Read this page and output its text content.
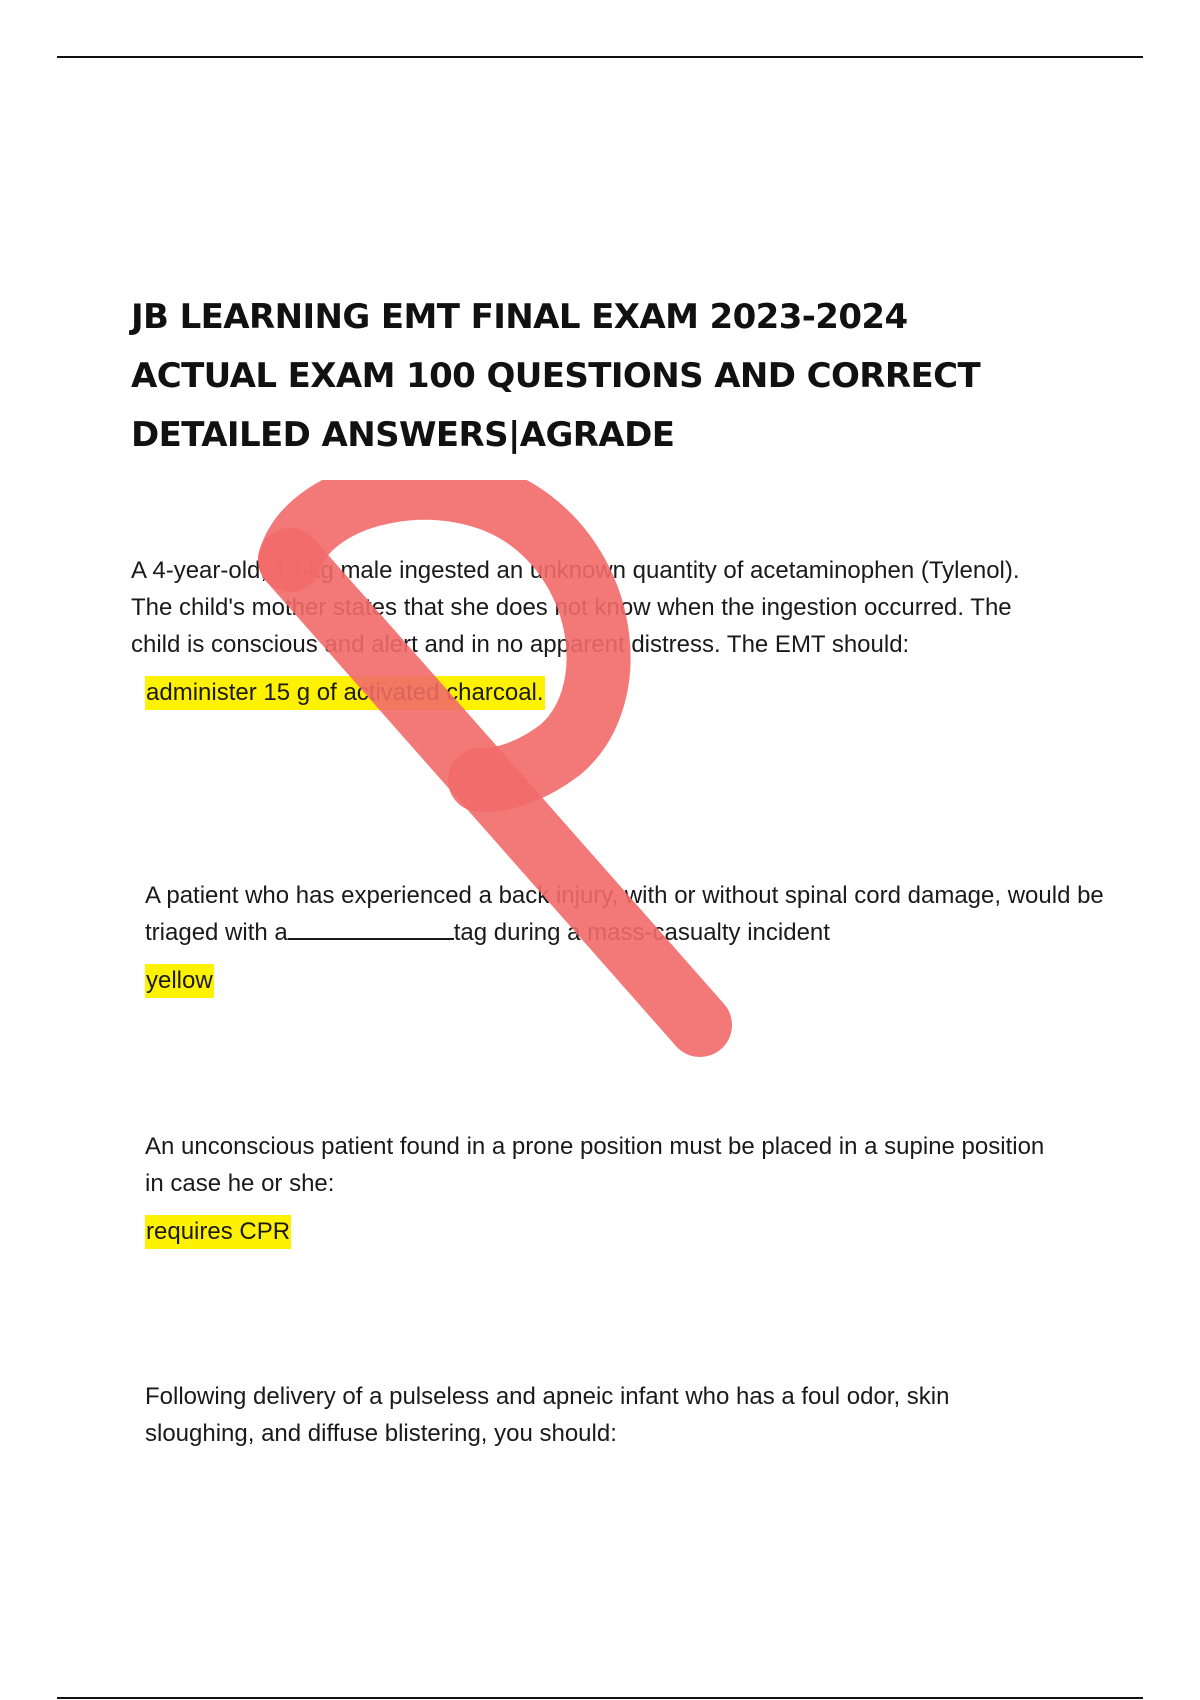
JB LEARNING EMT FINAL EXAM 2023-2024
ACTUAL EXAM 100 QUESTIONS AND CORRECT
DETAILED ANSWERS|AGRADE

A 4-year-old, 15-kg male ingested an unknown quantity of acetaminophen (Tylenol). The child's mother states that she does not know when the ingestion occurred. The child is conscious and alert and in no apparent distress. The EMT should:

administer 15 g of activated charcoal.

A patient who has experienced a back injury, with or without spinal cord damage, would be triaged with a	tag during a mass-casualty incident

yellow

An unconscious patient found in a prone position must be placed in a supine position in case he or she:

requires CPR

Following delivery of a pulseless and apneic infant who has a foul odor, skin sloughing, and diffuse blistering, you should:
